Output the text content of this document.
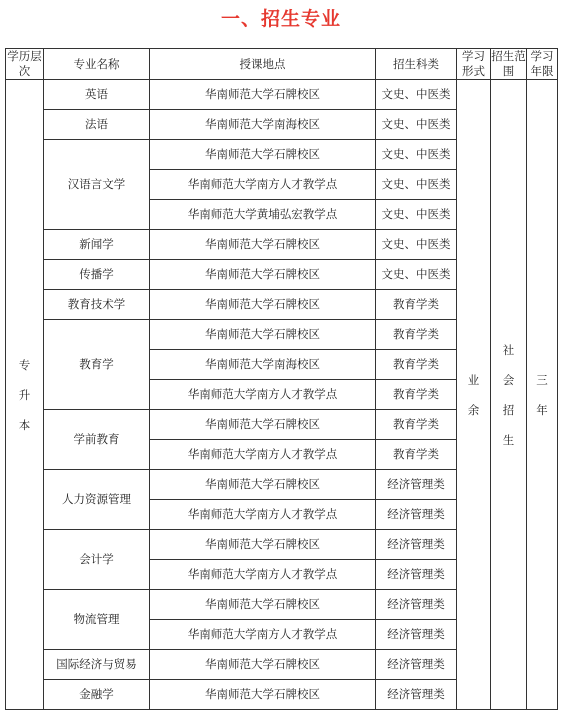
一、招生专业
学历层次	专业名称	授课地点	招生科类	学习形式	招生范围	学习年限

专升本	英语	华南师范大学石牌校区	文史、中医类	业余	社会招生	三年

	法语	华南师范大学南海校区	文史、中医类			
	汉语言文学	华南师范大学石牌校区	文史、中医类			
		华南师范大学南方人才教学点	文史、中医类			
		华南师范大学黄埔弘宏教学点	文史、中医类			
	新闻学	华南师范大学石牌校区	文史、中医类			
	传播学	华南师范大学石牌校区	文史、中医类			
	教育技术学	华南师范大学石牌校区	教育学类			
	教育学	华南师范大学石牌校区	教育学类			
		华南师范大学南海校区	教育学类			
		华南师范大学南方人才教学点	教育学类			
	学前教育	华南师范大学石牌校区	教育学类			
		华南师范大学南方人才教学点	教育学类			
	人力资源管理	华南师范大学石牌校区	经济管理类			
		华南师范大学南方人才教学点	经济管理类			
	会计学	华南师范大学石牌校区	经济管理类			
		华南师范大学南方人才教学点	经济管理类			
	物流管理	华南师范大学石牌校区	经济管理类			
		华南师范大学南方人才教学点	经济管理类			
	国际经济与贸易	华南师范大学石牌校区	经济管理类			
	金融学	华南师范大学石牌校区	经济管理类			
